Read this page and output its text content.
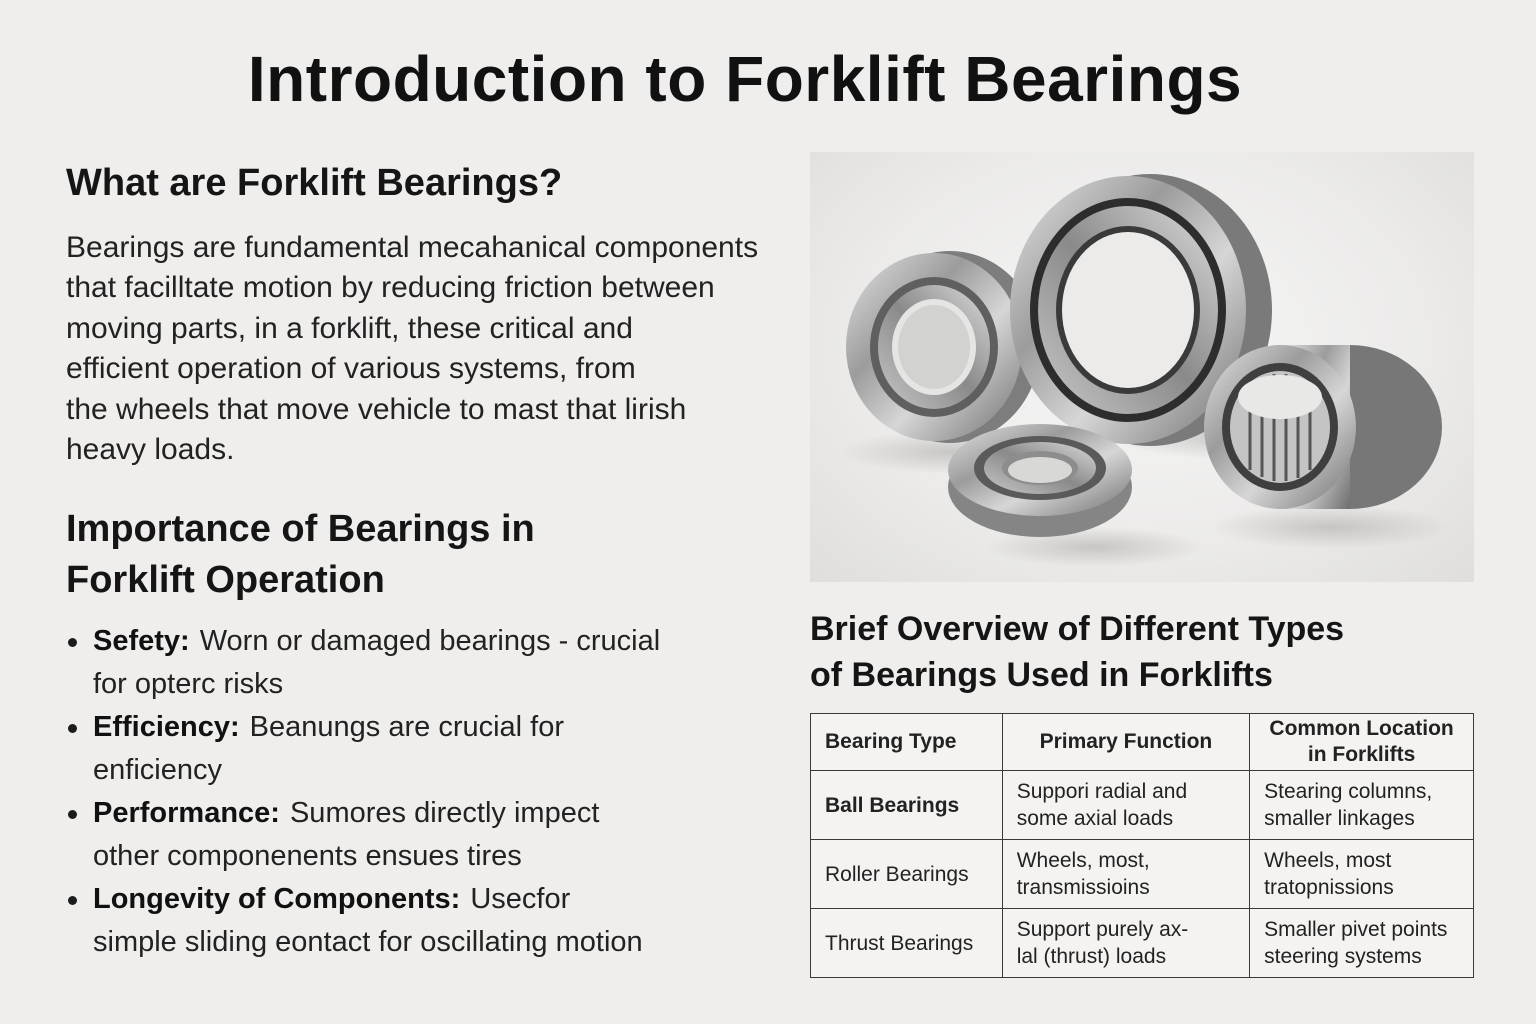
Introduction to Forklift Bearings
What are Forklift Bearings?
Bearings are fundamental mecahanical components
that facilltate motion by reducing friction between
moving parts, in a forklift, these critical and
efficient operation of various systems, from
the wheels that move vehicle to mast that lirish
heavy loads.
Importance of Bearings in
Forklift Operation
Sefety: Worn or damaged bearings - crucial
for opterc risks
Efficiency: Beanungs are crucial for
enficiency
Performance: Sumores directly impect
other componenents ensues tires
Longevity of Components: Usecfor
simple sliding eontact for oscillating motion
Brief Overview of Different Types
of Bearings Used in Forklifts
Bearing Type	Primary Function	Common Location
in Forklifts

Ball Bearings	Suppori radial and
some axial loads	Stearing columns,
smaller linkages

Roller Bearings	Wheels, most,
transmissioins	Wheels, most
tratopnissions

Thrust Bearings	Support purely ax-
lal (thrust) loads	Smaller pivet points
steering systems
